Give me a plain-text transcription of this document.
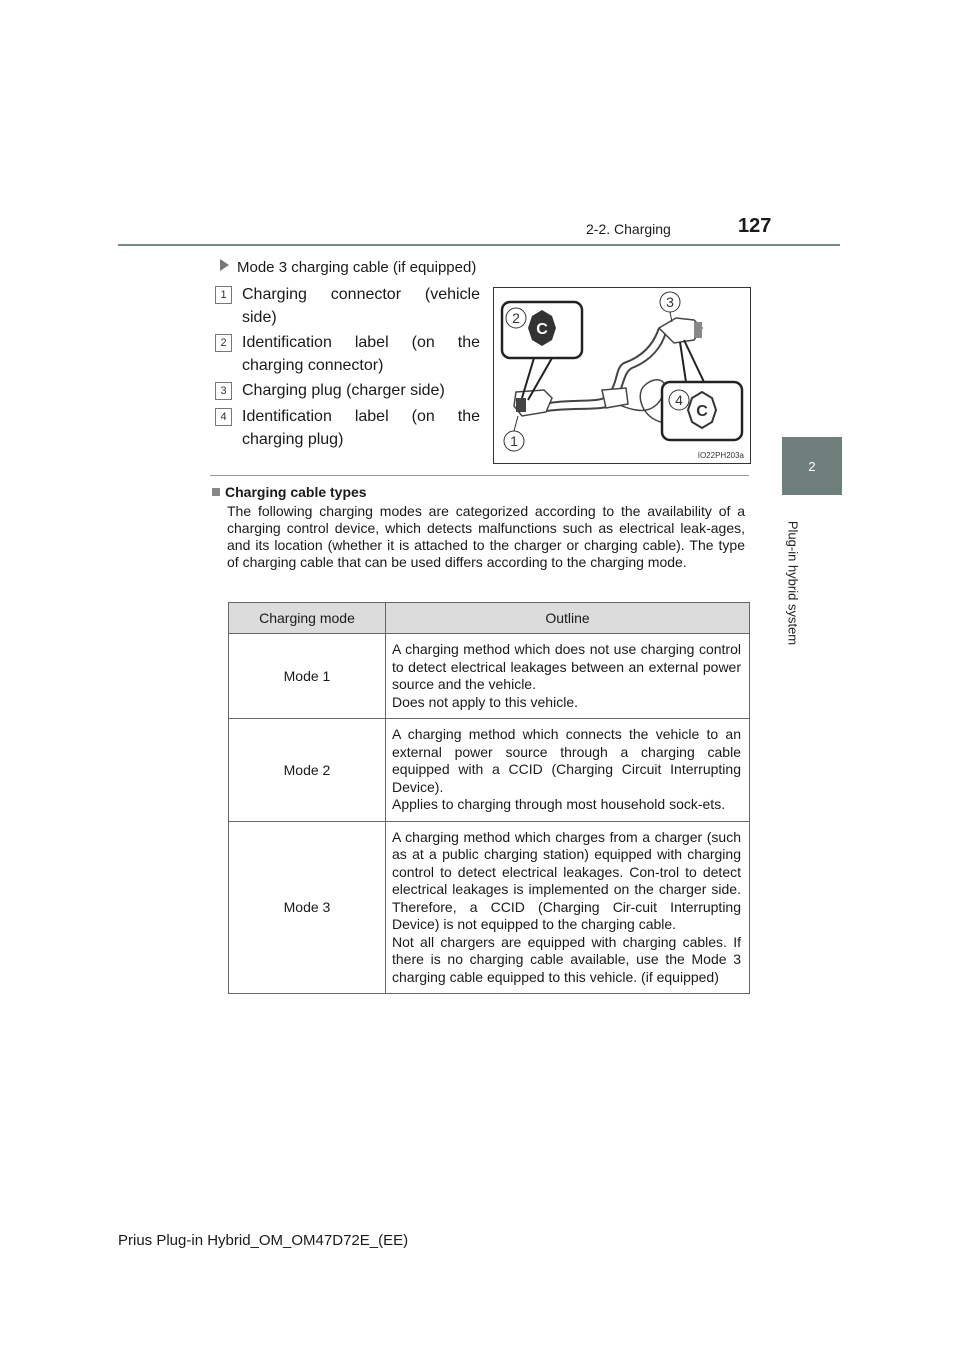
2-2. Charging	127
2
Plug-in hybrid system
Mode 3 charging cable (if equipped)
1 Charging connector (vehicle side)
2 Identification label (on the charging connector)
3 Charging plug (charger side)
4 Identification label (on the charging plug)
C
C
1
2
3
4
IO22PH203a
Charging cable types
The following charging modes are categorized according to the availability of a charging control device, which detects malfunctions such as electrical leak-ages, and its location (whether it is attached to the charger or charging cable). The type of charging cable that can be used differs according to the charging mode.
Charging mode	Outline
Mode 1	A charging method which does not use charging control to detect electrical leakages between an external power source and the vehicle.
Does not apply to this vehicle.

Mode 2	A charging method which connects the vehicle to an external power source through a charging cable equipped with a CCID (Charging Circuit Interrupting Device).
Applies to charging through most household sock-ets.

Mode 3	A charging method which charges from a charger (such as at a public charging station) equipped with charging control to detect electrical leakages. Con-trol to detect electrical leakages is implemented on the charger side. Therefore, a CCID (Charging Cir-cuit Interrupting Device) is not equipped to the charging cable.
Not all chargers are equipped with charging cables. If there is no charging cable available, use the Mode 3 charging cable equipped to this vehicle. (if equipped)
Prius Plug-in Hybrid_OM_OM47D72E_(EE)
